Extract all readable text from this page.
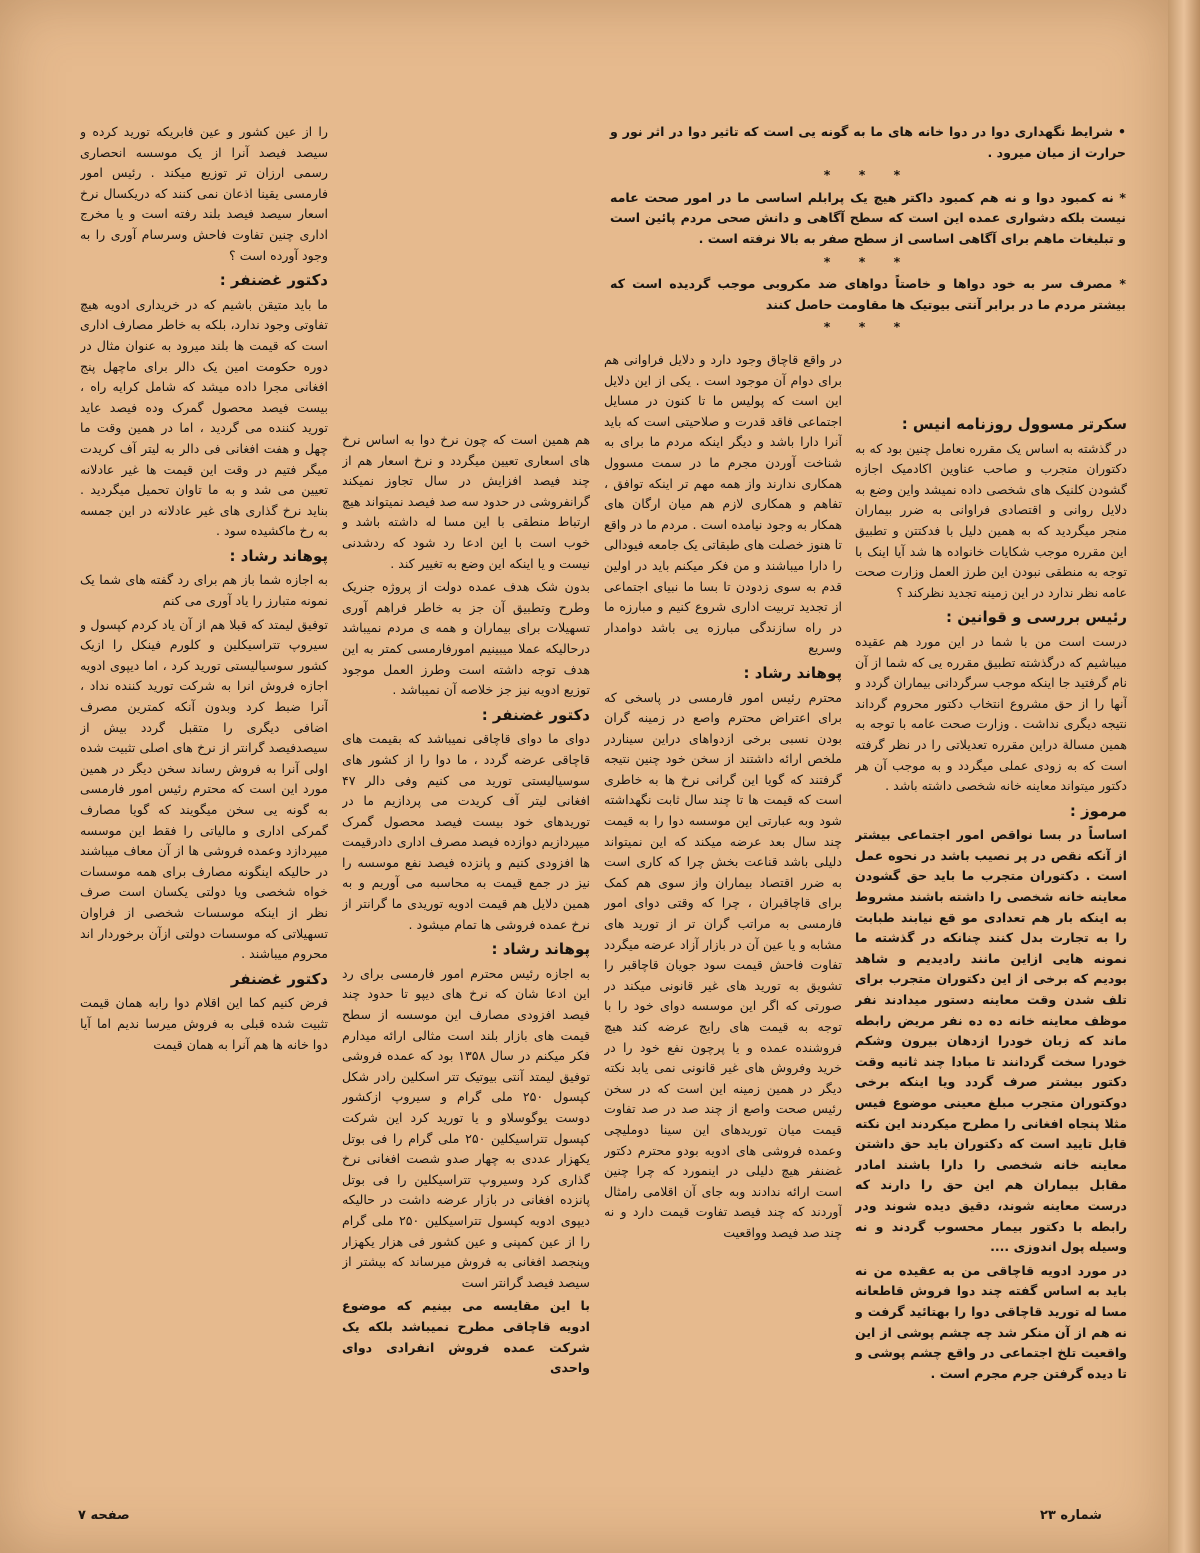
• شرایط نگهداری دوا در دوا خانه های ما به گونه یی است که تاثیر دوا در اثر نور و حرارت از میان میرود .

* * *

* نه کمبود دوا و نه هم کمبود داکتر هیچ یک پرابلم اساسی ما در امور صحت عامه نیست بلکه دشواری عمده این است که سطح آگاهی و دانش صحی مردم پائین است و تبلیغات ماهم برای آگاهی اساسی از سطح صفر به بالا نرفته است .

* * *

* مصرف سر به خود دواها و خاصتاً دواهای ضد مکروبی موجب گردیده است که بیشتر مردم ما در برابر آنتی بیوتیک ها مقاومت حاصل کنند

* * *
سکرتر مسوول روزنامه انیس :

در گذشته به اساس یک مقرره نعامل چنین بود که به دکتوران متجرب و صاحب عناوین اکادمیک اجازه گشودن کلنیک های شخصی داده نمیشد واین وضع به دلایل روانی و اقتصادی فراوانی به ضرر بیماران منجر میگردید که به همین دلیل با فدکتتن و تطبیق این مقرره موجب شکایات خانواده ها شد آیا اینک با توجه به منطقی نبودن این طرز العمل وزارت صحت عامه نظر ندارد در این زمینه تجدید نظرکند ؟

رئیس بررسی و قوانین :

درست است من با شما در این مورد هم عقیده میباشیم که درگذشته تطبیق مقرره یی که شما از آن نام گرفتید جا اینکه موجب سرگردانی بیماران گردد و آنها را از حق مشروع انتخاب دکتور محروم گرداند نتیجه دیگری نداشت . وزارت صحت عامه با توجه به همین مسالة دراین مقرره تعدیلاتی را در نظر گرفته است که به زودی عملی میگردد و به موجب آن هر دکتور میتواند معاینه خانه شخصی داشته باشد .

مرموز :

اساساً در بسا نواقص امور اجتماعی بیشتر از آنکه نقص در پر نصیب باشد در نحوه عمل است . دکتوران متجرب ما باید حق گشودن معاینه خانه شخصی را داشته باشند مشروط به اینکه بار هم تعدادی مو قع نیابند طبابت را به تجارت بدل کنند چنانکه در گذشته ما نمونه هایی ازاین مانند رادیدیم و شاهد بودیم که برخی از این دکتوران متجرب برای تلف شدن وقت معاینه دستور میدادند نفر موظف معاینه خانه ده ده نفر مریض رابطه ماند که زبان خودرا ازدهان بیرون وشکم خودرا سخت گردانند تا مبادا چند ثانیه وقت دکتور بیشتر صرف گردد ویا اینکه برخی دوکتوران متجرب مبلغ معینی موضوع فیس مثلا پنجاه افغانی را مطرح میکردند این نکته قابل تایید است که دکتوران باید حق داشتن معاینه خانه شخصی را دارا باشند امادر مقابل بیماران هم این حق را دارند که درست معاینه شوند، دقیق دیده شوند ودر رابطه با دکتور بیمار محسوب گردند و نه وسیله پول اندوزی ....

در مورد ادویه قاچاقی من به عقیده من نه باید به اساس گفته چند دوا فروش قاطعانه مسا له توريد قاچاقی دوا را بهتائید گرفت و نه هم از آن منکر شد چه چشم پوشی از این واقعیت تلخ اجتماعی در واقع چشم پوشی و تا دیده گرفتن جرم مجرم است .

در واقع قاچاق وجود دارد و دلایل فراوانی هم برای دوام آن موجود است . یکی از این دلایل این است که پولیس ما تا کنون در مسایل اجتماعی فاقد قدرت و صلاحیتی است که باید آنرا دارا باشد و دیگر اینکه مردم ما برای به شناخت آوردن مجرم ما در سمت مسوول همکاری ندارند واز همه مهم تر اینکه توافق ، تفاهم و همکاری لازم هم میان ارگان های همکار به وجود نیامده است . مردم ما در واقع تا هنوز خصلت های طبقاتی یک جامعه فیودالی را دارا میباشند و من فکر میکنم باید در اولین قدم به سوی زدودن تا بسا ما نبیای اجتماعی از تجدید تربیت اداری شروع کنیم و مبارزه ما در راه سازندگی مبارزه یی باشد دوامدار وسریع

پوهاند رشاد :

محترم رئیس امور فارمسی در پاسخی که برای اعتراض محترم واصع در زمینه گران بودن نسبی برخی ازدواهای دراین سیناردر ملخص ارائه داشتند از سخن خود چنین نتیجه گرفتند که گویا این گرانی نرخ ها به خاطری است که قیمت ها تا چند سال ثابت نگهداشته شود وبه عبارتی این موسسه دوا را به قیمت چند سال بعد عرضه میکند که این نمیتواند دلیلی باشد قناعت بخش چرا که کاری است به ضرر اقتصاد بیماران واز سوی هم کمک برای قاچاقبران ، چرا که وقتی دوای امور فارمسی به مراتب گران تر از توريد های مشابه و یا عین آن در بازار آزاد عرضه میگردد تفاوت فاحش قیمت سود جویان قاچاقبر را تشویق به توريد های غیر قانونی میکند در صورتی که اگر این موسسه دوای خود را با توجه به قیمت های رایج عرضه کند هیچ فروشنده عمده و یا پرچون نفع خود را در خرید وفروش های غیر قانونی نمی یابد نکته دیگر در همین زمینه این است که در سخن رئیس صحت واصع از چند صد در صد تفاوت قیمت میان توریدهای این سینا دوملیچی وعمده فروشی های ادویه بودو محترم دکتور غضنفر هیچ دلیلی در اینمورد که چرا چنین است ارائه ندادند وبه جای آن اقلامی رامثال آوردند که چند فیصد تفاوت قیمت دارد و نه چند صد فیصد وواقعیت

هم همین است که چون نرخ دوا به اساس نرخ های اسعاری تعیین میگردد و نرخ اسعار هم از چند فیصد افزایش در سال تجاوز نمیکند گرانفروشی در حدود سه صد فیصد نمیتواند هیچ ارتباط منطقی با این مسا له داشته باشد و خوب است با این ادعا رد شود که ردشدنی نیست و یا اینکه این وضع به تغییر کند .

بدون شک هدف عمده دولت از پروژه جنریک وطرح وتطبیق آن جز به خاطر فراهم آوری تسهیلات برای بیماران و همه ی مردم نمیباشد درحالیکه عملا میبینیم امورفارمسی کمتر به این هدف توجه داشته است وطرز العمل موجود توزیع ادویه نیز جز خلاصه آن نمیباشد .

دکتور غضنفر :

دوای ما دوای قاچاقی نمیباشد که بقیمت های قاچاقی عرضه گردد ، ما دوا را از کشور های سوسیالیستی تورید می کنیم وفی دالر ۴۷ افغانی لیتر آف کریدت می پردازیم ما در توریدهای خود بیست فیصد محصول گمرک میپردازیم دوازده فیصد مصرف اداری دادرقیمت ها افزودی کنیم و پانزده فیصد نفع موسسه را نیز در جمع قیمت به محاسبه می آوریم و به همین دلایل هم قیمت ادویه توریدی ما گرانتر از نرخ عمده فروشی ها تمام میشود .

پوهاند رشاد :

به اجازه رئیس محترم امور فارمسی برای رد این ادعا شان که نرخ های دیپو تا حدود چند فیصد افزودی مصارف این موسسه از سطح قیمت های بازار بلند است مثالی ارائه میدارم فکر میکنم در سال ۱۳۵۸ بود که عمده فروشی توفیق لیمتد آنتی بیوتیک تتر اسکلین رادر شکل کپسول ۲۵۰ ملی گرام و سیروپ ازکشور دوست یوگوسلاو و یا تورید کرد این شرکت کپسول تتراسیکلین ۲۵۰ ملی گرام را فی بوتل یکهزار عددی به چهار صدو شصت افغانی نرخ گذاری کرد وسیروپ تتراسیکلین را فی بوتل پانزده افغانی در بازار عرضه داشت در حالیکه دیپوی ادویه کپسول تتراسیکلین ۲۵۰ ملی گرام را از عین کمپنی و عین کشور فی هزار یکهزار وپنجصد افغانی به فروش میرساند که بیشتر از سیصد فیصد گرانتر است

با این مقایسه می بینیم که موضوع ادویه قاچاقی مطرح نمیباشد بلکه یک شرکت عمده فروش انفرادی دوای واحدی

را از عین کشور و عین فابریکه تورید کرده و سیصد فیصد آنرا از یک موسسه انحصاری رسمی ارزان تر توزیع میکند . رئیس امور فارمسی یقینا اذعان نمی کنند که دریکسال نرخ اسعار سیصد فیصد بلند رفته است و یا مخرج اداری چنین تفاوت فاحش وسرسام آوری را به وجود آورده است ؟

دکتور غضنفر :

ما باید متیقن باشیم که در خریداری ادویه هیچ تفاوتی وجود ندارد، بلکه به خاطر مصارف اداری است که قیمت ها بلند میرود به عنوان مثال در دوره حکومت امین یک دالر برای ماچهل پنج افغانی مجرا داده میشد که شامل کرایه راه ، بیست فیصد محصول گمرک وده فیصد عاید تورید کننده می گردید ، اما در همین وقت ما چهل و هفت افغانی فی دالر به لیتر آف کریدت میگر فتیم در وقت این قیمت ها غیر عادلانه تعیین می شد و به ما تاوان تحمیل میگردید . بناید نرخ گذاری های غیر عادلانه در این جمسه به رخ ماکشیده سود .

پوهاند رشاد :

به اجازه شما باز هم برای رد گفته های شما یک نمونه متبارز را یاد آوری می کنم

توفیق لیمتد که قبلا هم از آن یاد کردم کپسول و سیروپ تتراسیکلین و کلورم فینکل را ازیک کشور سوسیالیستی تورید کرد ، اما دیپوی ادویه اجازه فروش انرا به شرکت تورید کننده نداد ، آنرا ضبط کرد وبدون آنکه کمترین مصرف اضافی دیگری را متقبل گردد بیش از سیصدفیصد گرانتر از نرخ های اصلی تثبیت شده اولی آنرا به فروش رساند سخن دیگر در همین مورد این است که محترم رئیس امور فارمسی به گونه یی سخن میگویند که گویا مصارف گمرکی اداری و مالیاتی را فقط این موسسه میپردازد وعمده فروشی ها از آن معاف میباشند در حالیکه اینگونه مصارف برای همه موسسات خواه شخصی ویا دولتی یکسان است صرف نظر از اینکه موسسات شخصی از فراوان تسهیلاتی که موسسات دولتی ازآن برخوردار اند محروم میباشند .

دکتور غضنفر

فرض کنیم کما این اقلام دوا رابه همان قیمت تثبیت شده قبلی به فروش میرسا ندیم اما آیا دوا خانه ها هم آنرا به همان قیمت

شماره ۲۳
صفحه ۷
